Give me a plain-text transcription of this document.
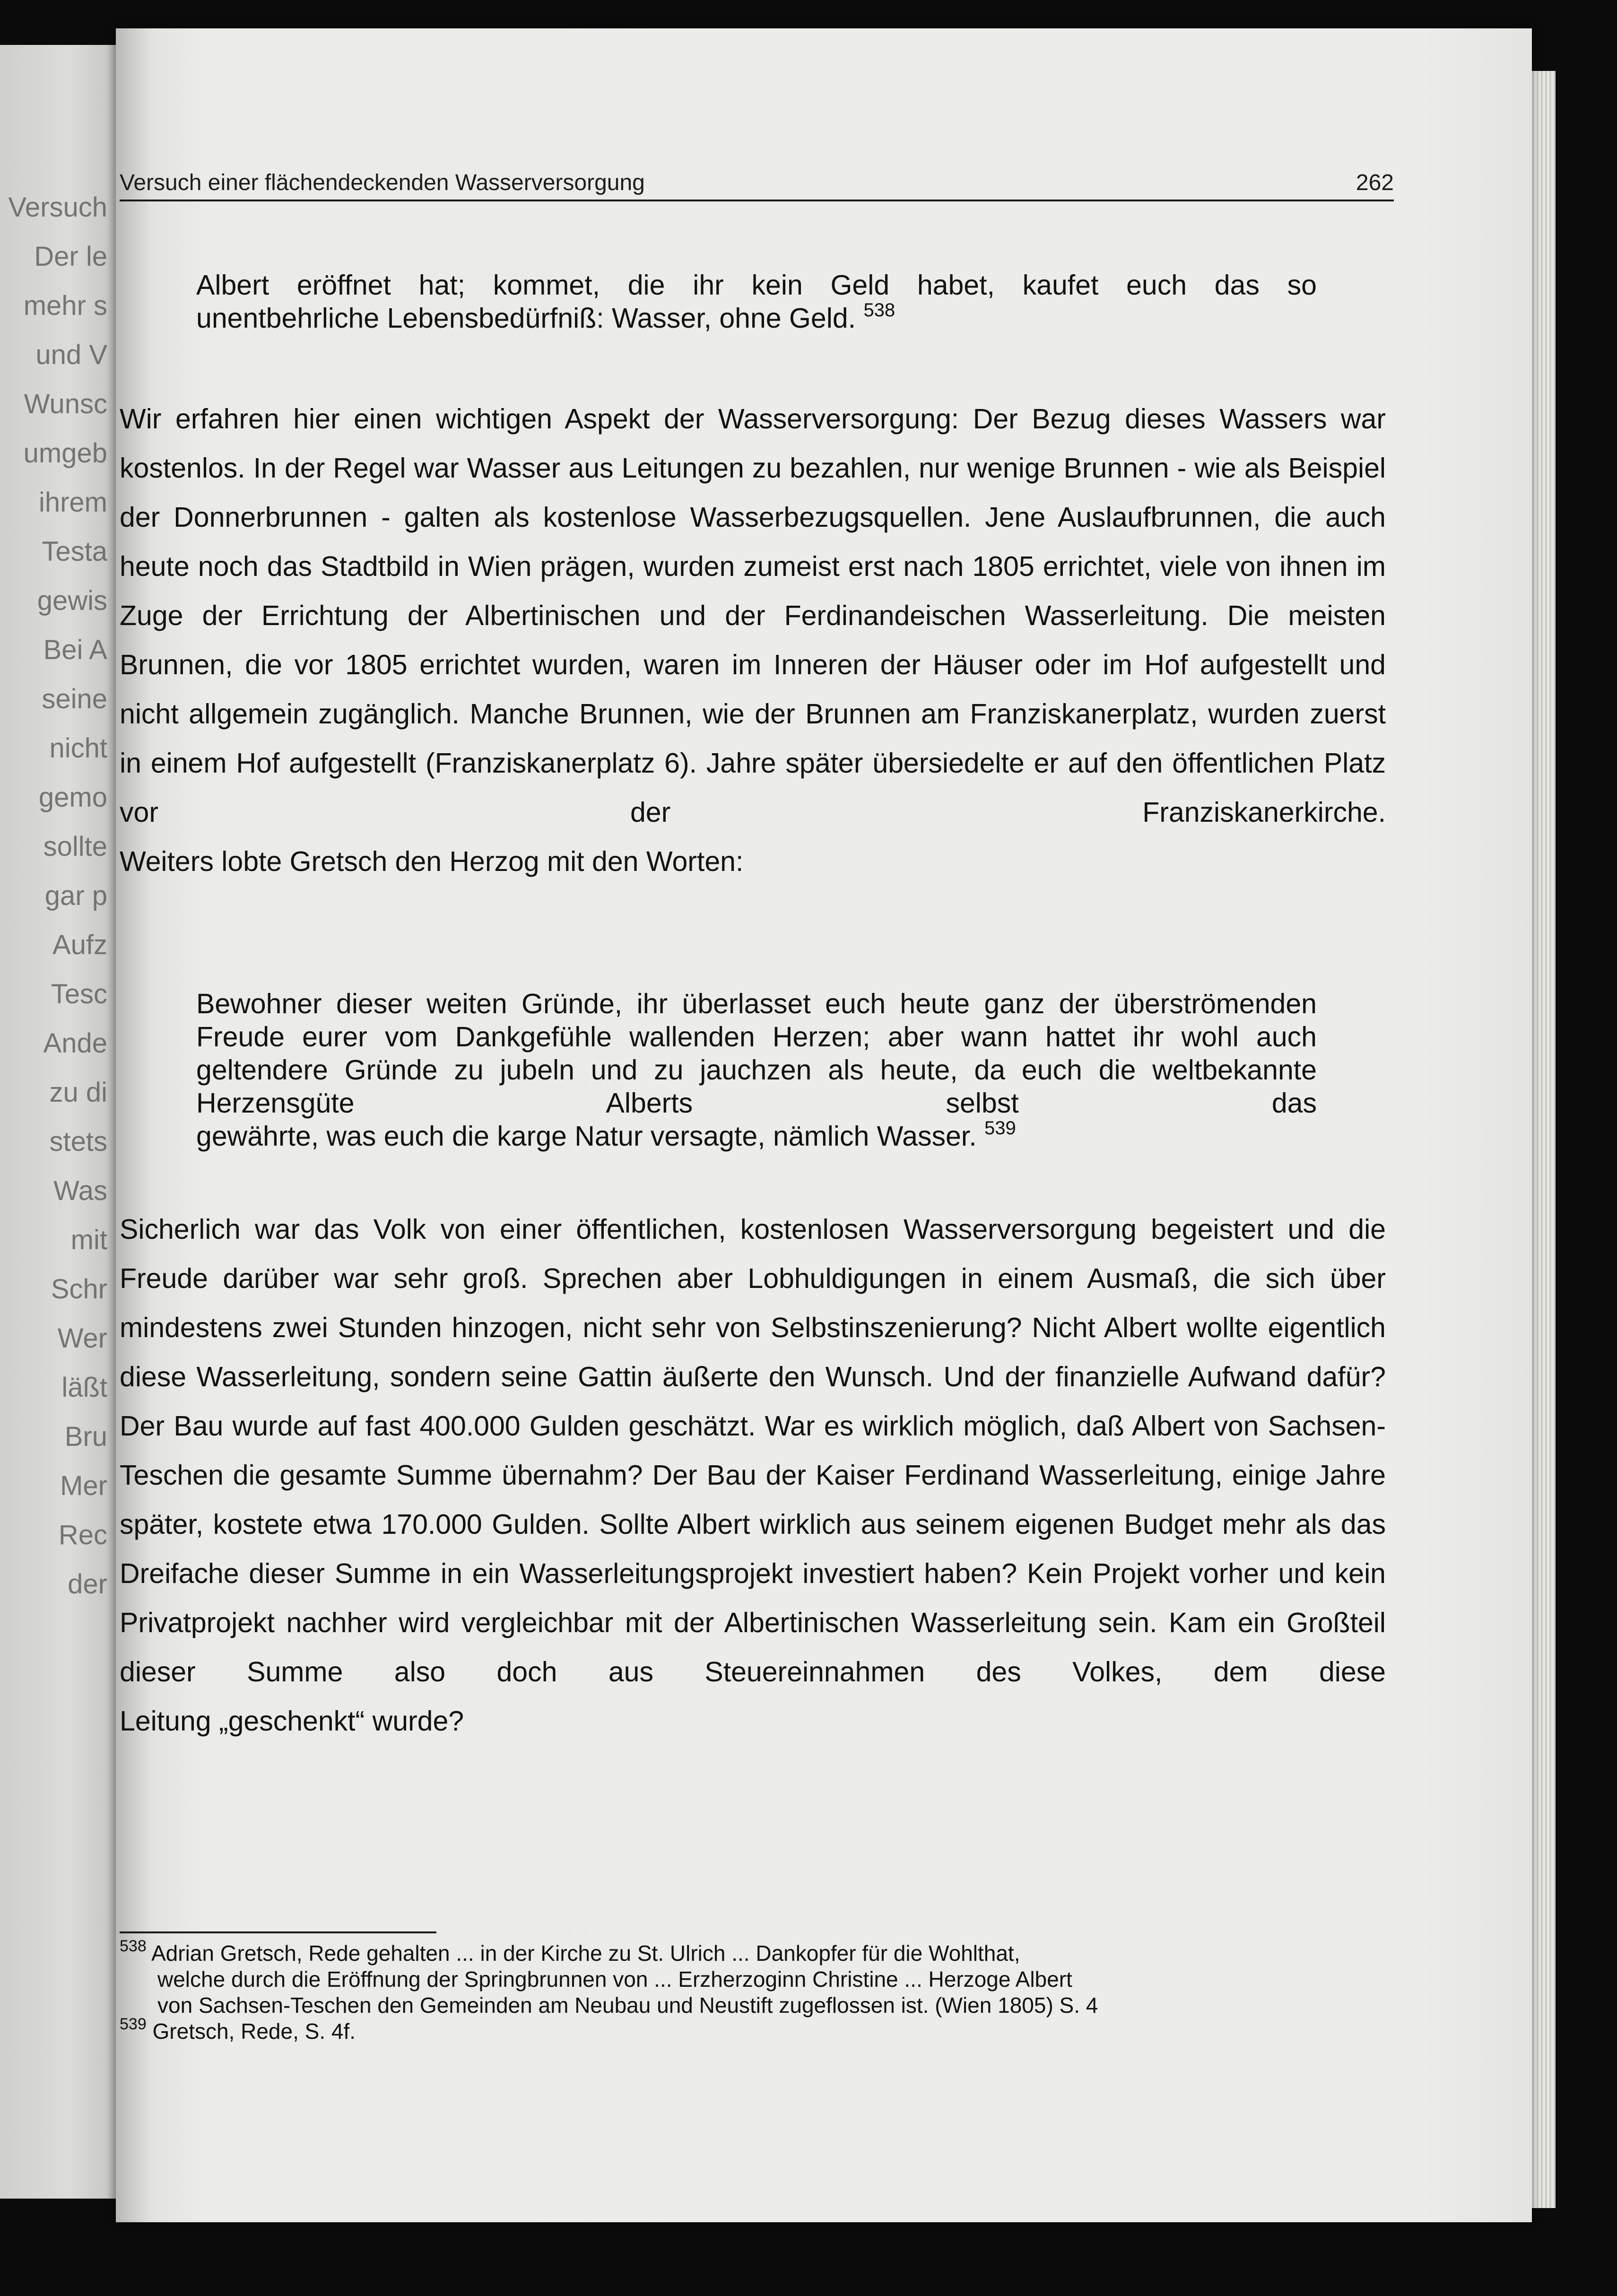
Versuch
Der le
mehr s
und V
Wunsc
umgeb
ihrem
Testa
gewis
Bei A
seine
nicht
gemo
sollte
gar p
Aufz
Tesc
Ande
zu di
stets
Was
mit
Schr
Wer
läßt
Bru
Mer
Rec
der
Versuch einer flächendeckenden Wasserversorgung	262
Albert eröffnet hat; kommet, die ihr kein Geld habet, kaufet euch das so
unentbehrliche Lebensbedürfniß: Wasser, ohne Geld. $^{538}$
Wir erfahren hier einen wichtigen Aspekt der Wasserversorgung: Der Bezug dieses Wassers war kostenlos. In der Regel war Wasser aus Leitungen zu bezahlen, nur wenige Brunnen - wie als Beispiel der Donnerbrunnen - galten als kostenlose Wasserbezugsquellen. Jene Auslaufbrunnen, die auch heute noch das Stadtbild in Wien prägen, wurden zumeist erst nach 1805 errichtet, viele von ihnen im Zuge der Errichtung der Albertinischen und der Ferdinandeischen Wasserleitung. Die meisten Brunnen, die vor 1805 errichtet wurden, waren im Inneren der Häuser oder im Hof aufgestellt und nicht allgemein zugänglich. Manche Brunnen, wie der Brunnen am Franziskanerplatz, wurden zuerst in einem Hof aufgestellt (Franziskanerplatz 6). Jahre später übersiedelte er auf den öffentlichen Platz vor der Franziskanerkirche.
Weiters lobte Gretsch den Herzog mit den Worten:
Bewohner dieser weiten Gründe, ihr überlasset euch heute ganz der überströmenden Freude eurer vom Dankgefühle wallenden Herzen; aber wann hattet ihr wohl auch geltendere Gründe zu jubeln und zu jauchzen als heute, da euch die weltbekannte Herzensgüte Alberts selbst das
gewährte, was euch die karge Natur versagte, nämlich Wasser. $^{539}$
Sicherlich war das Volk von einer öffentlichen, kostenlosen Wasserversorgung begeistert und die Freude darüber war sehr groß. Sprechen aber Lobhuldigungen in einem Ausmaß, die sich über mindestens zwei Stunden hinzogen, nicht sehr von Selbstinszenierung? Nicht Albert wollte eigentlich diese Wasserleitung, sondern seine Gattin äußerte den Wunsch. Und der finanzielle Aufwand dafür? Der Bau wurde auf fast 400.000 Gulden geschätzt. War es wirklich möglich, daß Albert von Sachsen-Teschen die gesamte Summe übernahm? Der Bau der Kaiser Ferdinand Wasserleitung, einige Jahre später, kostete etwa 170.000 Gulden. Sollte Albert wirklich aus seinem eigenen Budget mehr als das Dreifache dieser Summe in ein Wasserleitungsprojekt investiert haben? Kein Projekt vorher und kein Privatprojekt nachher wird vergleichbar mit der Albertinischen Wasserleitung sein. Kam ein Großteil dieser Summe also doch aus Steuereinnahmen des Volkes, dem diese
Leitung „geschenkt“ wurde?
$^{538}$ Adrian Gretsch, Rede gehalten ... in der Kirche zu St. Ulrich ... Dankopfer für die Wohlthat,
welche durch die Eröffnung der Springbrunnen von ... Erzherzoginn Christine ... Herzoge Albert
von Sachsen-Teschen den Gemeinden am Neubau und Neustift zugeflossen ist. (Wien 1805) S. 4
$^{539}$ Gretsch, Rede, S. 4f.
